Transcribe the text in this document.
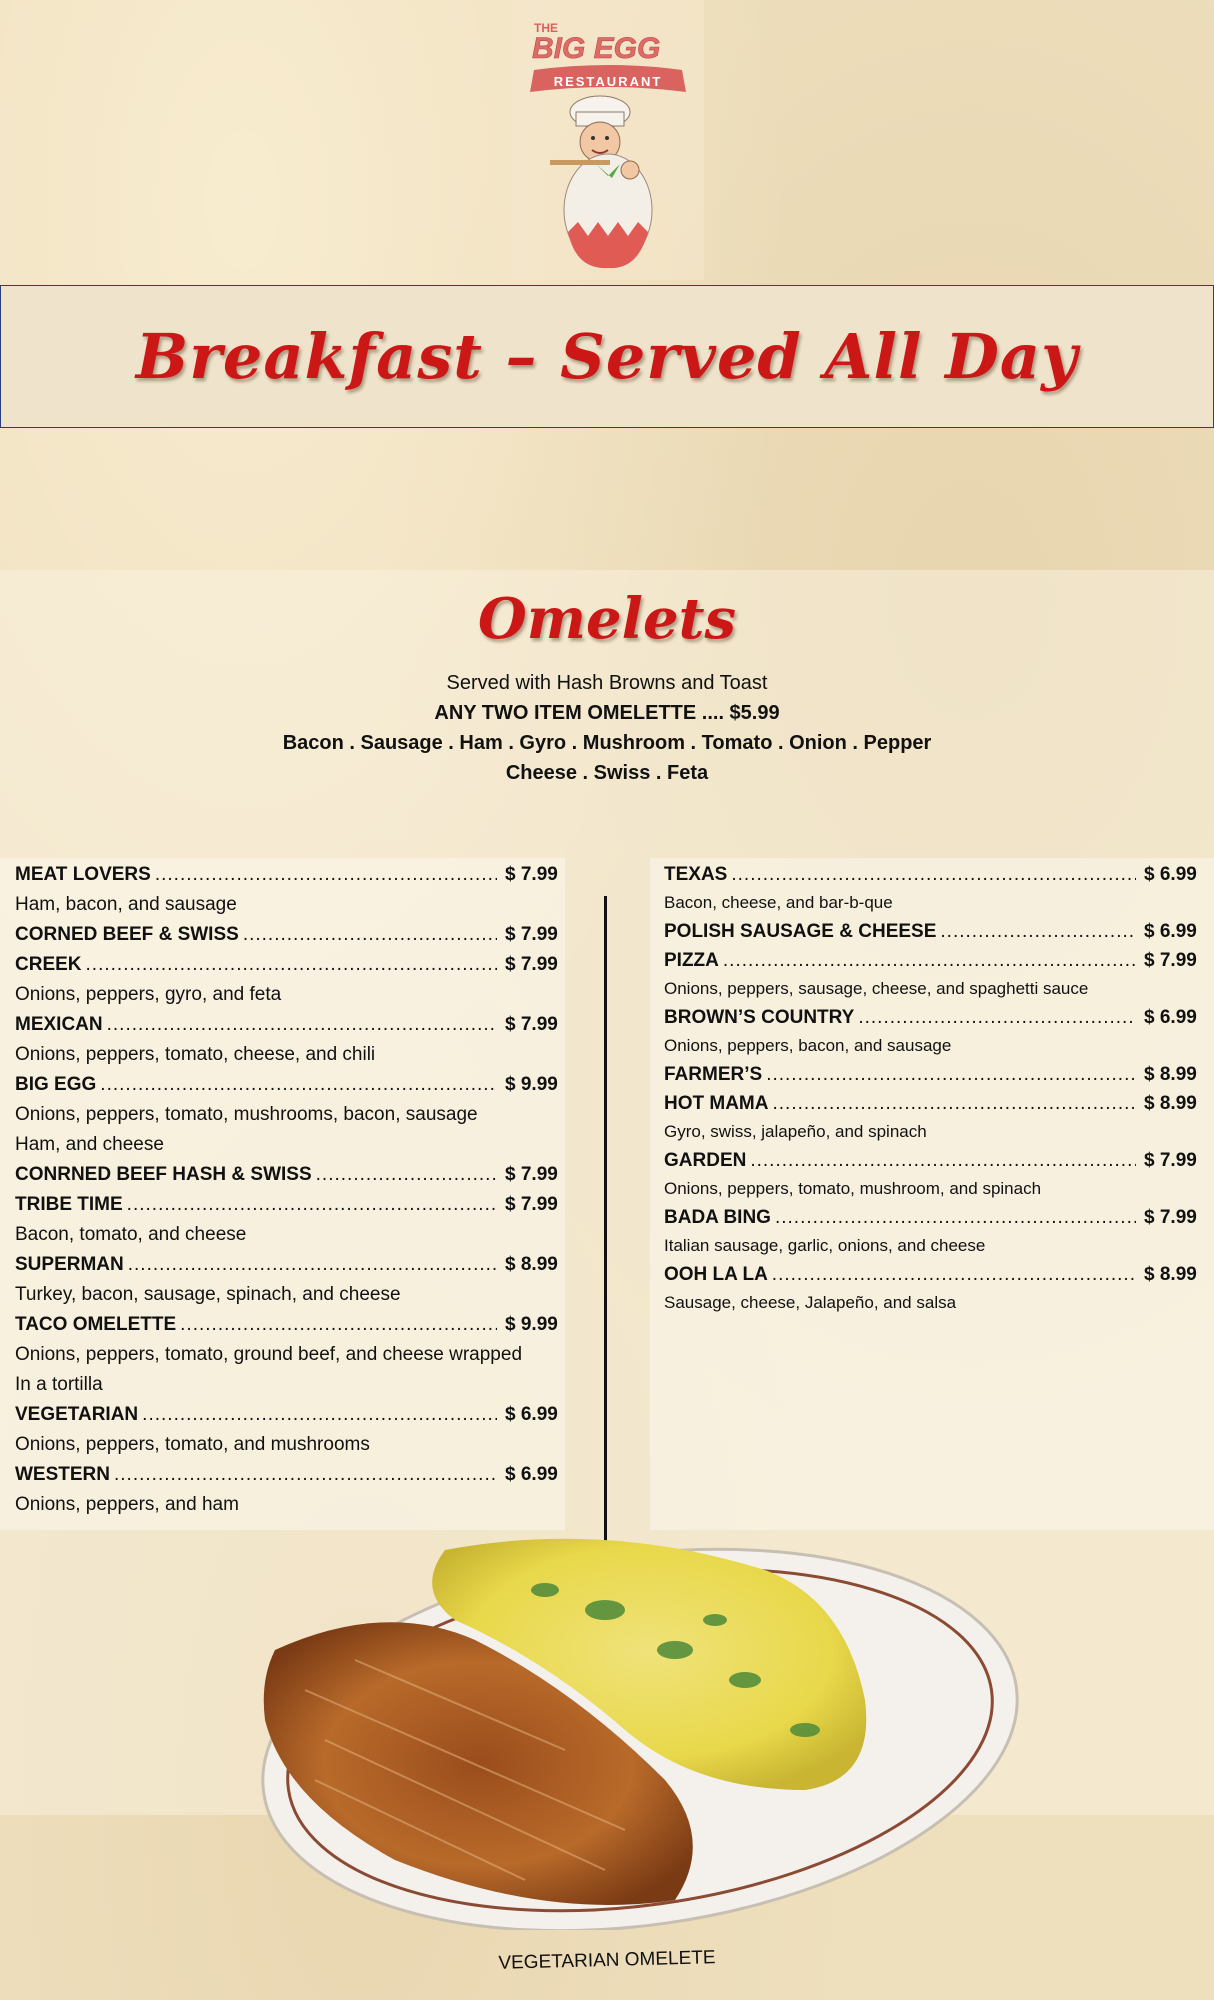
THE
BIG EGG
RESTAURANT
Breakfast – Served All Day
Omelets
Served with Hash Browns and Toast
ANY TWO ITEM OMELETTE .... $5.99
Bacon . Sausage . Ham . Gyro . Mushroom . Tomato . Onion . Pepper
Cheese . Swiss . Feta
MEAT LOVERS .....	$ 7.99
Ham, bacon, and sausage
CORNED BEEF & SWISS .....	$ 7.99
CREEK .....	$ 7.99
Onions, peppers, gyro, and feta
MEXICAN .....	$ 7.99
Onions, peppers, tomato, cheese, and chili
BIG EGG .....	$ 9.99
Onions, peppers, tomato, mushrooms, bacon, sausage
Ham, and cheese
CONRNED BEEF HASH & SWISS .....	$ 7.99
TRIBE TIME .....	$ 7.99
Bacon, tomato, and cheese
SUPERMAN .....	$ 8.99
Turkey, bacon, sausage, spinach, and cheese
TACO OMELETTE .....	$ 9.99
Onions, peppers, tomato, ground beef, and cheese wrapped
In a tortilla
VEGETARIAN .....	$ 6.99
Onions, peppers, tomato, and mushrooms
WESTERN .....	$ 6.99
Onions, peppers, and ham
TEXAS .....	$ 6.99
Bacon, cheese, and bar-b-que
POLISH SAUSAGE & CHEESE .....	$ 6.99
PIZZA .....	$ 7.99
Onions, peppers, sausage, cheese, and spaghetti sauce
BROWN’S COUNTRY .....	$ 6.99
Onions, peppers, bacon, and sausage
FARMER’S .....	$ 8.99
HOT MAMA .....	$ 8.99
Gyro, swiss, jalapeño, and spinach
GARDEN .....	$ 7.99
Onions, peppers, tomato, mushroom, and spinach
BADA BING .....	$ 7.99
Italian sausage, garlic, onions, and cheese
OOH LA LA .....	$ 8.99
Sausage, cheese, Jalapeño, and salsa
VEGETARIAN OMELETE
